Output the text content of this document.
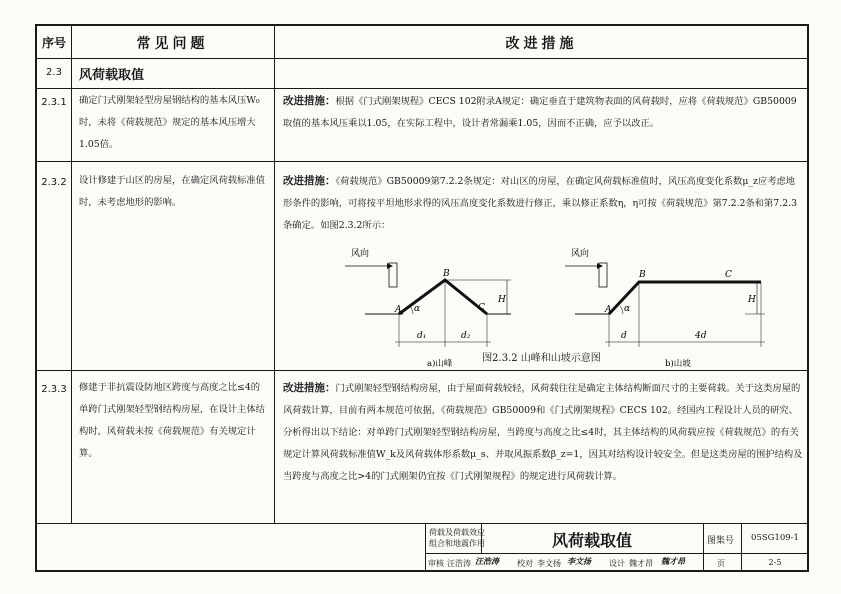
序号	常见问题	改进措施
2.3	风荷载取值
2.3.1	确定门式刚架轻型房屋钢结构的基本风压W₀时，未将《荷载规范》规定的基本风压增大1.05倍。
改进措施：根据《门式刚架规程》CECS 102附录A规定：确定垂直于建筑物表面的风荷载时，应将《荷载规范》GB50009取值的基本风压乘以1.05，在实际工程中，设计者常漏乘1.05，因而不正确，应予以改正。
2.3.2	设计修建于山区的房屋，在确定风荷载标准值时，未考虑地形的影响。
改进措施：《荷载规范》GB50009第7.2.2条规定：对山区的房屋，在确定风荷载标准值时，风压高度变化系数μ_z应考虑地形条件的影响，可将按平坦地形求得的风压高度变化系数进行修正，乘以修正系数η，η可按《荷载规范》第7.2.2条和第7.2.3条确定。如图2.3.2所示：
风向
A α
B
C
H
d₁	d₂
a)山峰
风向
A α
B	C
H
d	4d
b)山坡
图2.3.2 山峰和山坡示意图
2.3.3	修建于非抗震设防地区跨度与高度之比≤4的单跨门式刚架轻型钢结构房屋，在设计主体结构时，风荷载未按《荷载规范》有关规定计算。
改进措施：门式刚架轻型钢结构房屋，由于屋面荷载较轻，风荷载往往是确定主体结构断面尺寸的主要荷载。关于这类房屋的风荷载计算，目前有两本规范可依据，《荷载规范》GB50009和《门式刚架规程》CECS 102。经国内工程设计人员的研究、分析得出以下结论：对单跨门式刚架轻型钢结构房屋，当跨度与高度之比≤4时，其主体结构的风荷载应按《荷载规范》的有关规定计算风荷载标准值W_k及风荷载体形系数μ_s、并取风振系数β_z=1，因其对结构设计较安全。但是这类房屋的围护结构及当跨度与高度之比>4的门式刚架仍宜按《门式刚架规程》的规定进行风荷载计算。
荷载及荷载效应
组合和地震作用	风荷载取值	图集号	05SG109-1
审核 汪浩涛 汪浩涛 校对 李文扬 李文扬 设计 魏才昂 魏才昂	页	2-5
